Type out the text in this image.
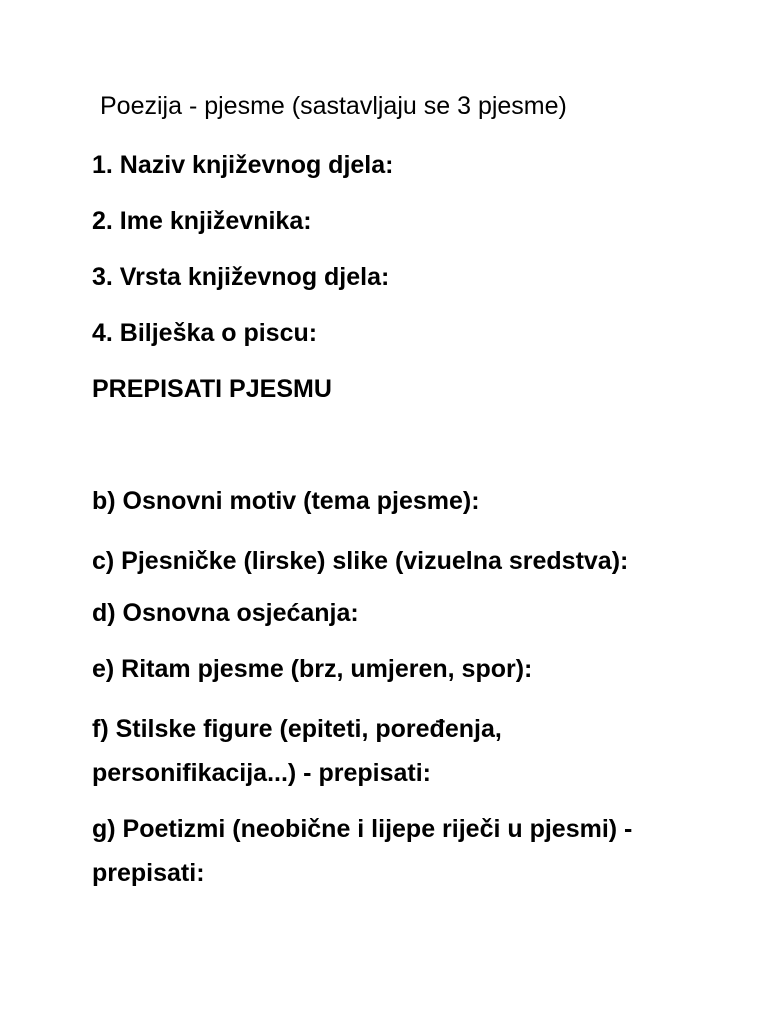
Poezija - pjesme (sastavljaju se 3 pjesme)
1. Naziv književnog djela:
2. Ime književnika:
3. Vrsta književnog djela:
4. Bilješka o piscu:
PREPISATI PJESMU
b) Osnovni motiv (tema pjesme):
c) Pjesničke (lirske) slike (vizuelna sredstva):
d) Osnovna osjećanja:
e) Ritam pjesme (brz, umjeren, spor):
f) Stilske figure (epiteti, poređenja, personifikacija...) - prepisati:
g) Poetizmi (neobične i lijepe riječi u pjesmi) - prepisati:
